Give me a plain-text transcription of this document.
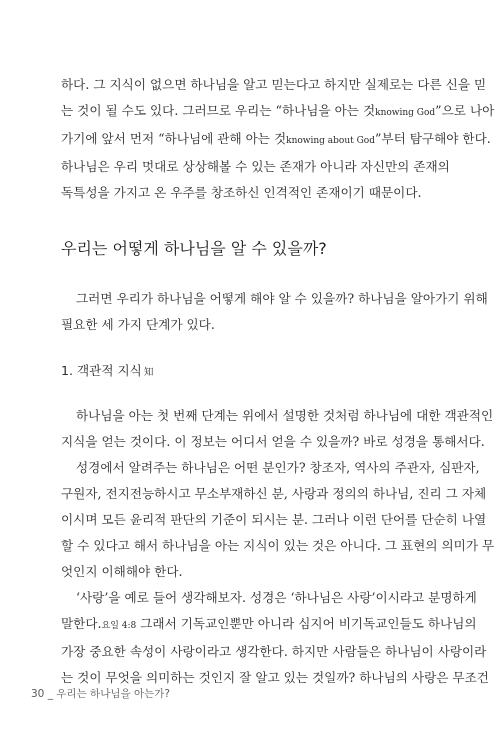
하다. 그 지식이 없으면 하나님을 알고 믿는다고 하지만 실제로는 다른 신을 믿
는 것이 될 수도 있다. 그러므로 우리는 “하나님을 아는 것knowing God”으로 나아
가기에 앞서 먼저 “하나님에 관해 아는 것knowing about God”부터 탐구해야 한다.
하나님은 우리 멋대로 상상해볼 수 있는 존재가 아니라 자신만의 존재의
독특성을 가지고 온 우주를 창조하신 인격적인 존재이기 때문이다.
우리는 어떻게 하나님을 알 수 있을까?
그러면 우리가 하나님을 어떻게 해야 알 수 있을까? 하나님을 알아가기 위해
필요한 세 가지 단계가 있다.
1. 객관적 지식 知
하나님을 아는 첫 번째 단계는 위에서 설명한 것처럼 하나님에 대한 객관적인
지식을 얻는 것이다. 이 정보는 어디서 얻을 수 있을까? 바로 성경을 통해서다.
성경에서 알려주는 하나님은 어떤 분인가? 창조자, 역사의 주관자, 심판자,
구원자, 전지전능하시고 무소부재하신 분, 사랑과 정의의 하나님, 진리 그 자체
이시며 모든 윤리적 판단의 기준이 되시는 분. 그러나 이런 단어를 단순히 나열
할 수 있다고 해서 하나님을 아는 지식이 있는 것은 아니다. 그 표현의 의미가 무
엇인지 이해해야 한다.
‘사랑’을 예로 들어 생각해보자. 성경은 ‘하나님은 사랑’이시라고 분명하게
말한다.요일 4:8 그래서 기독교인뿐만 아니라 심지어 비기독교인들도 하나님의
가장 중요한 속성이 사랑이라고 생각한다. 하지만 사람들은 하나님이 사랑이라
는 것이 무엇을 의미하는 것인지 잘 알고 있는 것일까? 하나님의 사랑은 무조건
30 _ 우리는 하나님을 아는가?
